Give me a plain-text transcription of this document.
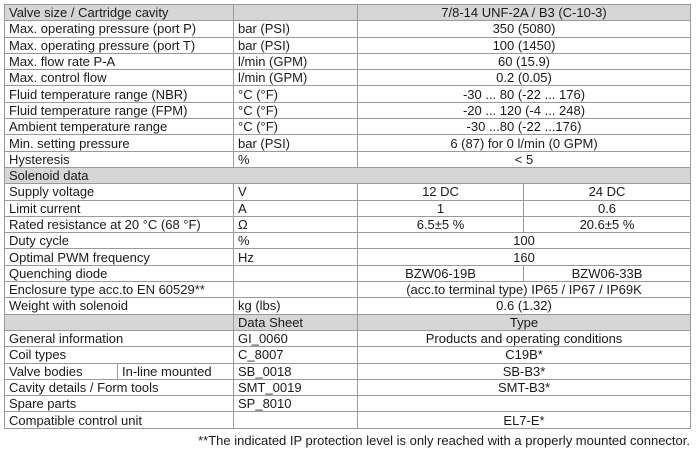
Valve size / Cartridge cavity		7/8-14 UNF-2A / B3 (C-10-3)	
Max. operating pressure (port P)	bar (PSI)	350 (5080)	
Max. operating pressure (port T)	bar (PSI)	100 (1450)	
Max. flow rate P-A	l/min (GPM)	60 (15.9)	
Max. control flow	l/min (GPM)	0.2 (0.05)	
Fluid temperature range (NBR)	°C (°F)	-30 ... 80 (-22 ... 176)	
Fluid temperature range (FPM)	°C (°F)	-20 ... 120 (-4 ... 248)	
Ambient temperature range	°C (°F)	-30 ...80 (-22 ...176)	
Min. setting pressure	bar (PSI)	6 (87) for 0 l/min (0 GPM)	
Hysteresis	%	< 5	
Solenoid data			
Supply voltage	V	12 DC	24 DC
Limit current	A	1	0.6
Rated resistance at 20 °C (68 °F)	Ω	6.5±5 %	20.6±5 %
Duty cycle	%	100	
Optimal PWM frequency	Hz	160	
Quenching diode		BZW06-19B	BZW06-33B
Enclosure type acc.to EN 60529**		(acc.to terminal type) IP65 / IP67 / IP69K	
Weight with solenoid	kg (lbs)	0.6 (1.32)	
	Data Sheet	Type	
General information	GI_0060	Products and operating conditions	
Coil types	C_8007	C19B*	

Valve bodies In-line mounted	SB_0018	SB-B3*	
Cavity details / Form tools	SMT_0019	SMT-B3*	
Spare parts	SP_8010		
Compatible control unit		EL7-E*	
**The indicated IP protection level is only reached with a properly mounted connector.
